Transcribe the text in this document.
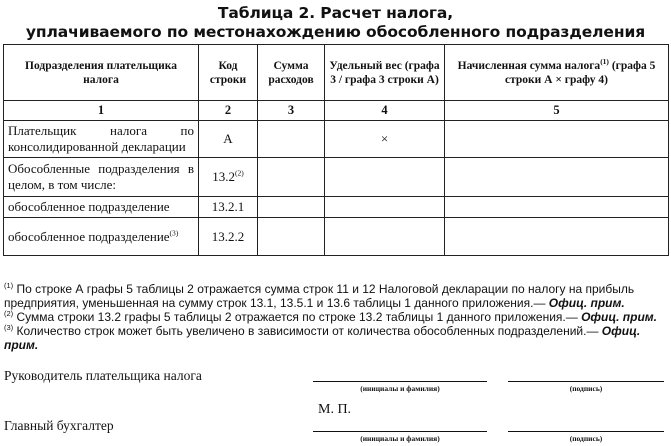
Таблица 2. Расчет налога,
уплачиваемого по местонахождению обособленного подразделения
Подразделения плательщика налога	Код строки	Сумма расходов	Удельный вес (графа 3 / графа 3 строки А)	Начисленная сумма налога$^{(1)}$ (графа 5 строки А × графу 4)
1	2	3	4	5
Плательщик налога по консолидированной декларации	А		×	
Обособленные подразделения в целом, в том числе:	13.2$^{(2)}$			
обособленное подразделение	13.2.1			
обособленное подразделение$^{(3)}$	13.2.2			

$^{(1)}$ По строке А графы 5 таблицы 2 отражается сумма строк 11 и 12 Налоговой декларации по налогу на прибыль предприятия, уменьшенная на сумму строк 13.1, 13.5.1 и 13.6 таблицы 1 данного приложения.— Офиц. прим.

$^{(2)}$ Сумма строки 13.2 графы 5 таблицы 2 отражается по строке 13.2 таблицы 1 данного приложения.— Офиц. прим.

$^{(3)}$ Количество строк может быть увеличено в зависимости от количества обособленных подразделений.— Офиц. прим.

Руководитель плательщика налога
(инициалы и фамилия)	(подпись)
М. П.
Главный бухгалтер
(инициалы и фамилия)	(подпись)
